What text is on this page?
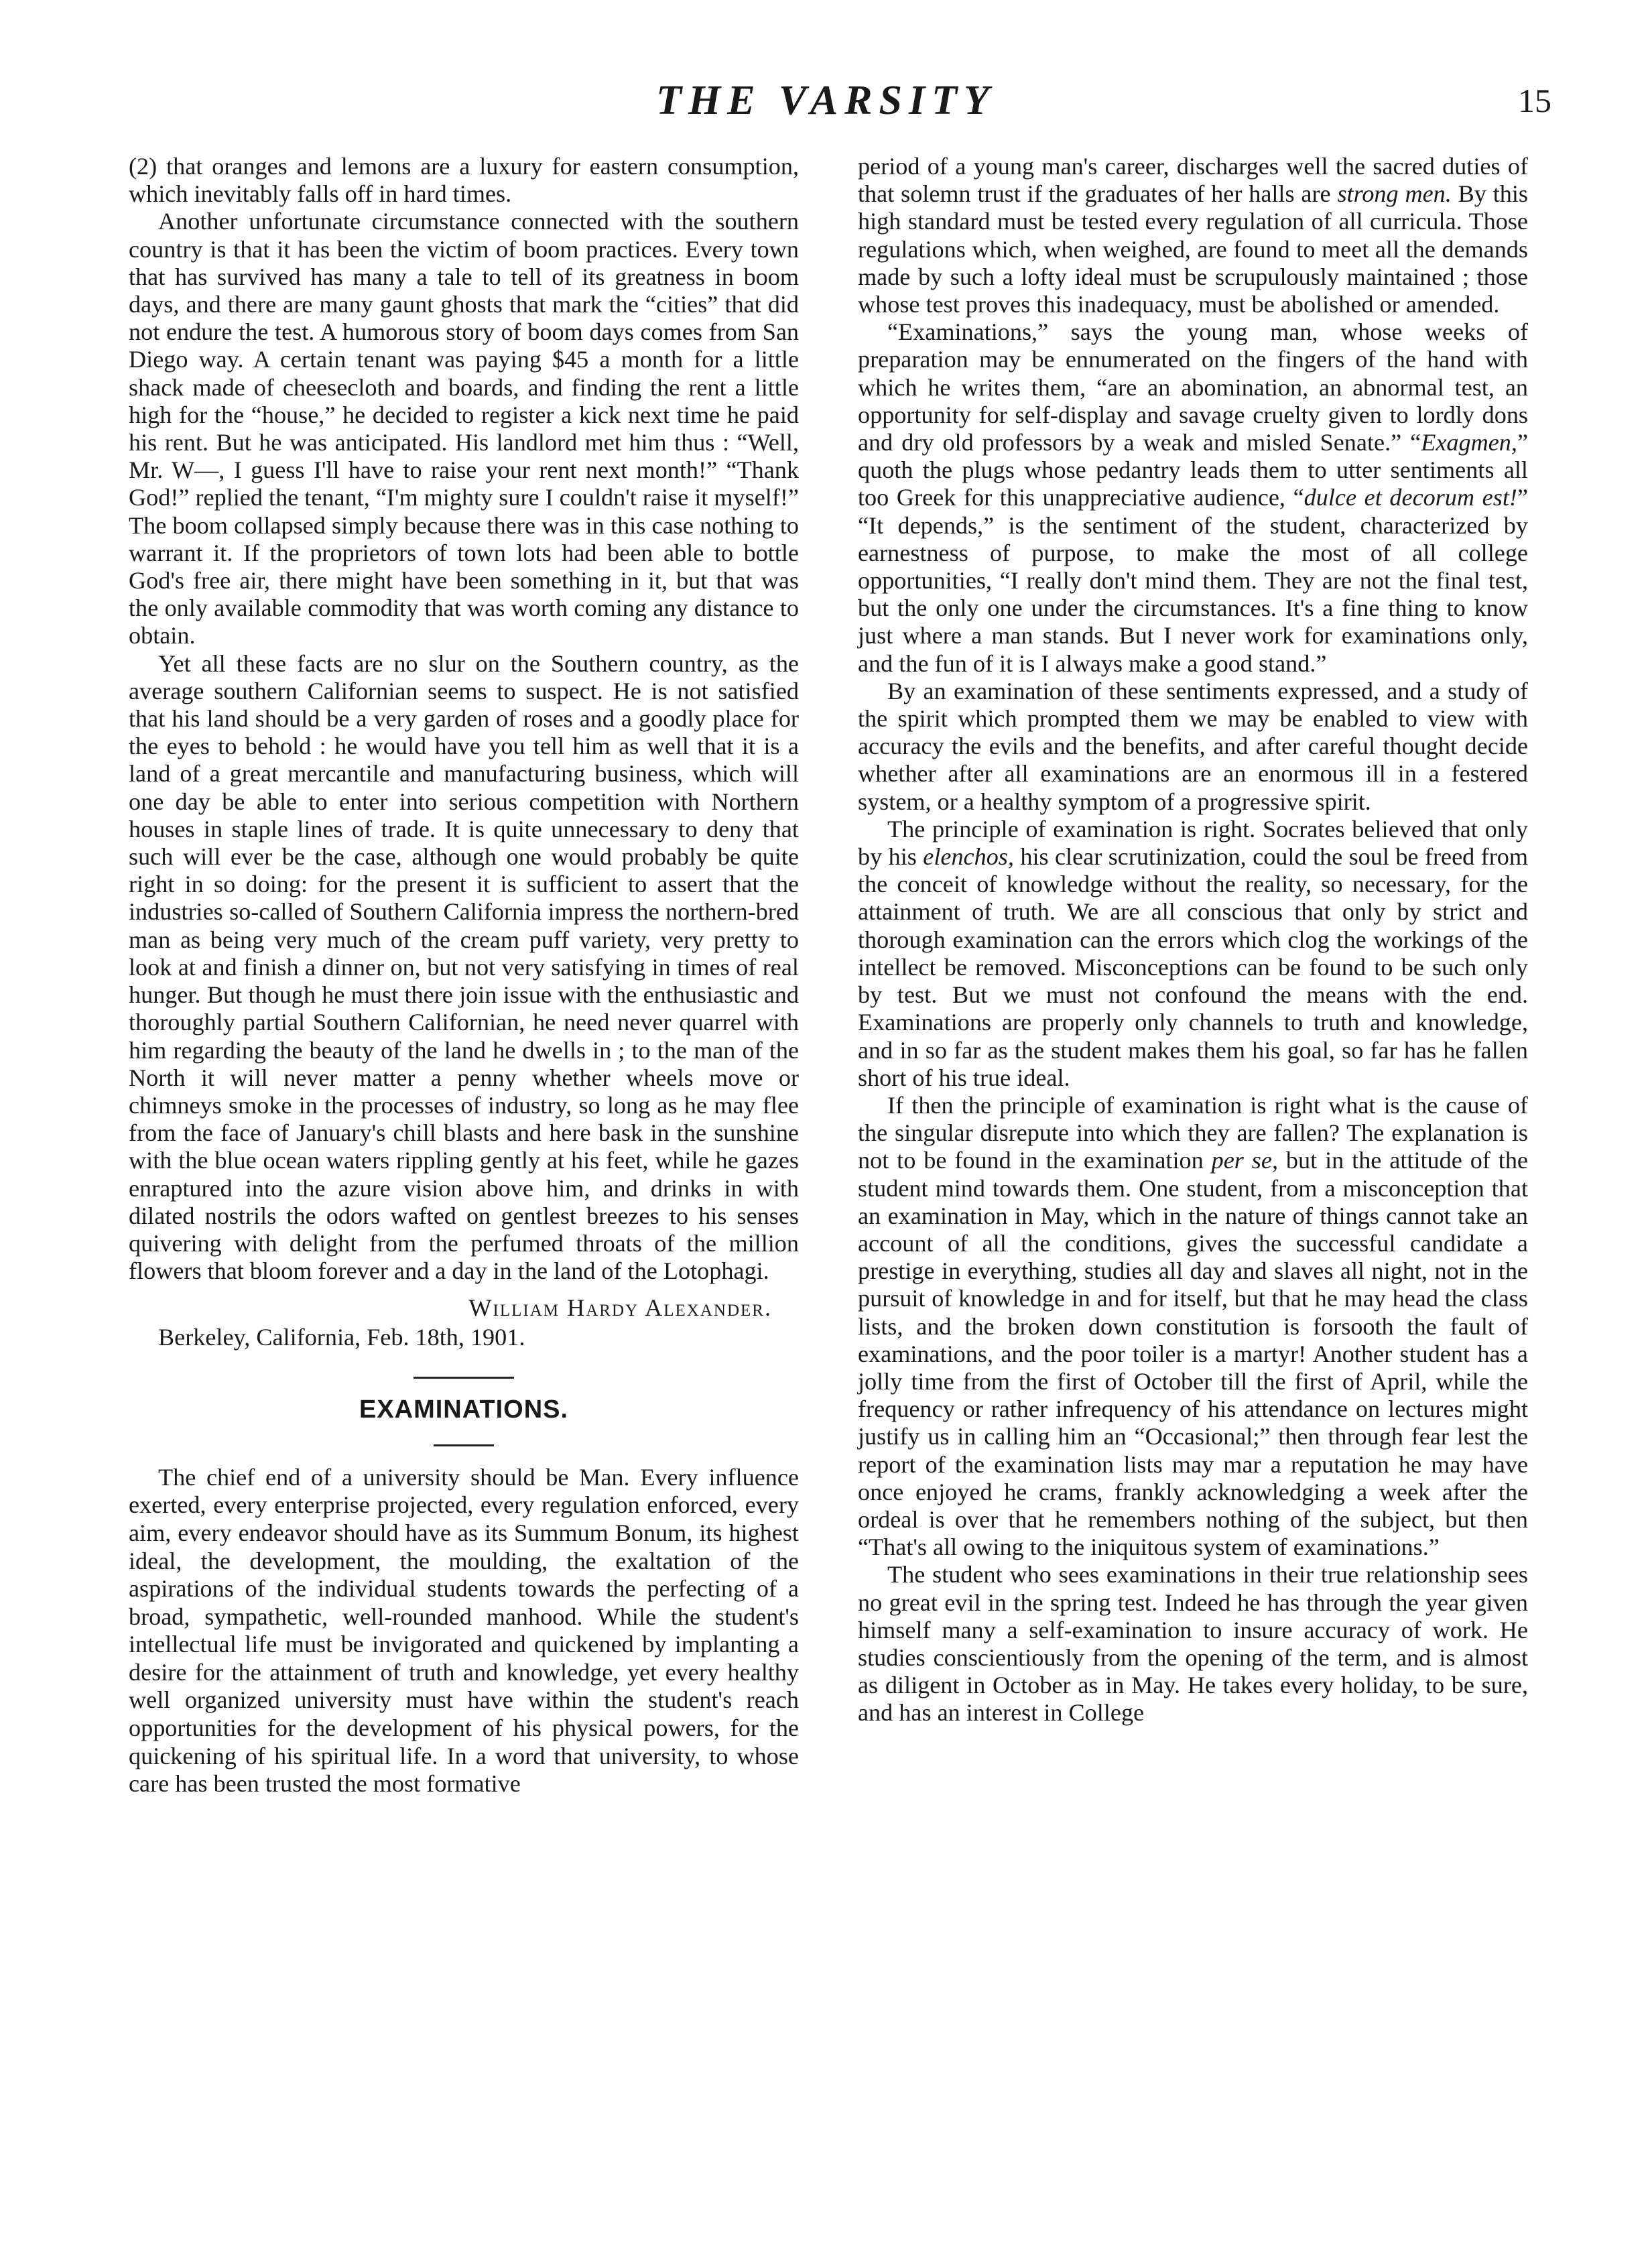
THE VARSITY	15

(2) that oranges and lemons are a luxury for eastern consumption, which inevitably falls off in hard times.

Another unfortunate circumstance connected with the southern country is that it has been the victim of boom practices. Every town that has survived has many a tale to tell of its greatness in boom days, and there are many gaunt ghosts that mark the “cities” that did not endure the test. A humorous story of boom days comes from San Diego way. A certain tenant was paying $45 a month for a little shack made of cheesecloth and boards, and finding the rent a little high for the “house,” he decided to register a kick next time he paid his rent. But he was anticipated. His landlord met him thus : “Well, Mr. W—, I guess I'll have to raise your rent next month!” “Thank God!” replied the tenant, “I'm mighty sure I couldn't raise it myself!” The boom collapsed simply because there was in this case nothing to warrant it. If the proprietors of town lots had been able to bottle God's free air, there might have been something in it, but that was the only available commodity that was worth coming any distance to obtain.

Yet all these facts are no slur on the Southern country, as the average southern Californian seems to suspect. He is not satisfied that his land should be a very garden of roses and a goodly place for the eyes to behold : he would have you tell him as well that it is a land of a great mercantile and manufacturing business, which will one day be able to enter into serious competition with Northern houses in staple lines of trade. It is quite unnecessary to deny that such will ever be the case, although one would probably be quite right in so doing: for the present it is sufficient to assert that the industries so-called of Southern California impress the northern-bred man as being very much of the cream puff variety, very pretty to look at and finish a dinner on, but not very satisfying in times of real hunger. But though he must there join issue with the enthusiastic and thoroughly partial Southern Californian, he need never quarrel with him regarding the beauty of the land he dwells in ; to the man of the North it will never matter a penny whether wheels move or chimneys smoke in the processes of industry, so long as he may flee from the face of January's chill blasts and here bask in the sunshine with the blue ocean waters rippling gently at his feet, while he gazes enraptured into the azure vision above him, and drinks in with dilated nostrils the odors wafted on gentlest breezes to his senses quivering with delight from the perfumed throats of the million flowers that bloom forever and a day in the land of the Lotophagi.

William Hardy Alexander.
Berkeley, California, Feb. 18th, 1901.
EXAMINATIONS.

The chief end of a university should be Man. Every influence exerted, every enterprise projected, every regulation enforced, every aim, every endeavor should have as its Summum Bonum, its highest ideal, the development, the moulding, the exaltation of the aspirations of the individual students towards the perfecting of a broad, sympathetic, well-rounded manhood. While the student's intellectual life must be invigorated and quickened by implanting a desire for the attainment of truth and knowledge, yet every healthy well organized university must have within the student's reach opportunities for the development of his physical powers, for the quickening of his spiritual life. In a word that university, to whose care has been trusted the most formative

period of a young man's career, discharges well the sacred duties of that solemn trust if the graduates of her halls are strong men. By this high standard must be tested every regulation of all curricula. Those regulations which, when weighed, are found to meet all the demands made by such a lofty ideal must be scrupulously maintained ; those whose test proves this inadequacy, must be abolished or amended.

“Examinations,” says the young man, whose weeks of preparation may be ennumerated on the fingers of the hand with which he writes them, “are an abomination, an abnormal test, an opportunity for self-display and savage cruelty given to lordly dons and dry old professors by a weak and misled Senate.” “Exagmen,” quoth the plugs whose pedantry leads them to utter sentiments all too Greek for this unappreciative audience, “dulce et decorum est!” “It depends,” is the sentiment of the student, characterized by earnestness of purpose, to make the most of all college opportunities, “I really don't mind them. They are not the final test, but the only one under the circumstances. It's a fine thing to know just where a man stands. But I never work for examinations only, and the fun of it is I always make a good stand.”

By an examination of these sentiments expressed, and a study of the spirit which prompted them we may be enabled to view with accuracy the evils and the benefits, and after careful thought decide whether after all examinations are an enormous ill in a festered system, or a healthy symptom of a progressive spirit.

The principle of examination is right. Socrates believed that only by his elenchos, his clear scrutinization, could the soul be freed from the conceit of knowledge without the reality, so necessary, for the attainment of truth. We are all conscious that only by strict and thorough examination can the errors which clog the workings of the intellect be removed. Misconceptions can be found to be such only by test. But we must not confound the means with the end. Examinations are properly only channels to truth and knowledge, and in so far as the student makes them his goal, so far has he fallen short of his true ideal.

If then the principle of examination is right what is the cause of the singular disrepute into which they are fallen? The explanation is not to be found in the examination per se, but in the attitude of the student mind towards them. One student, from a misconception that an examination in May, which in the nature of things cannot take an account of all the conditions, gives the successful candidate a prestige in everything, studies all day and slaves all night, not in the pursuit of knowledge in and for itself, but that he may head the class lists, and the broken down constitution is forsooth the fault of examinations, and the poor toiler is a martyr! Another student has a jolly time from the first of October till the first of April, while the frequency or rather infrequency of his attendance on lectures might justify us in calling him an “Occasional;” then through fear lest the report of the examination lists may mar a reputation he may have once enjoyed he crams, frankly acknowledging a week after the ordeal is over that he remembers nothing of the subject, but then “That's all owing to the iniquitous system of examinations.”

The student who sees examinations in their true relationship sees no great evil in the spring test. Indeed he has through the year given himself many a self-examination to insure accuracy of work. He studies conscientiously from the opening of the term, and is almost as diligent in October as in May. He takes every holiday, to be sure, and has an interest in College
